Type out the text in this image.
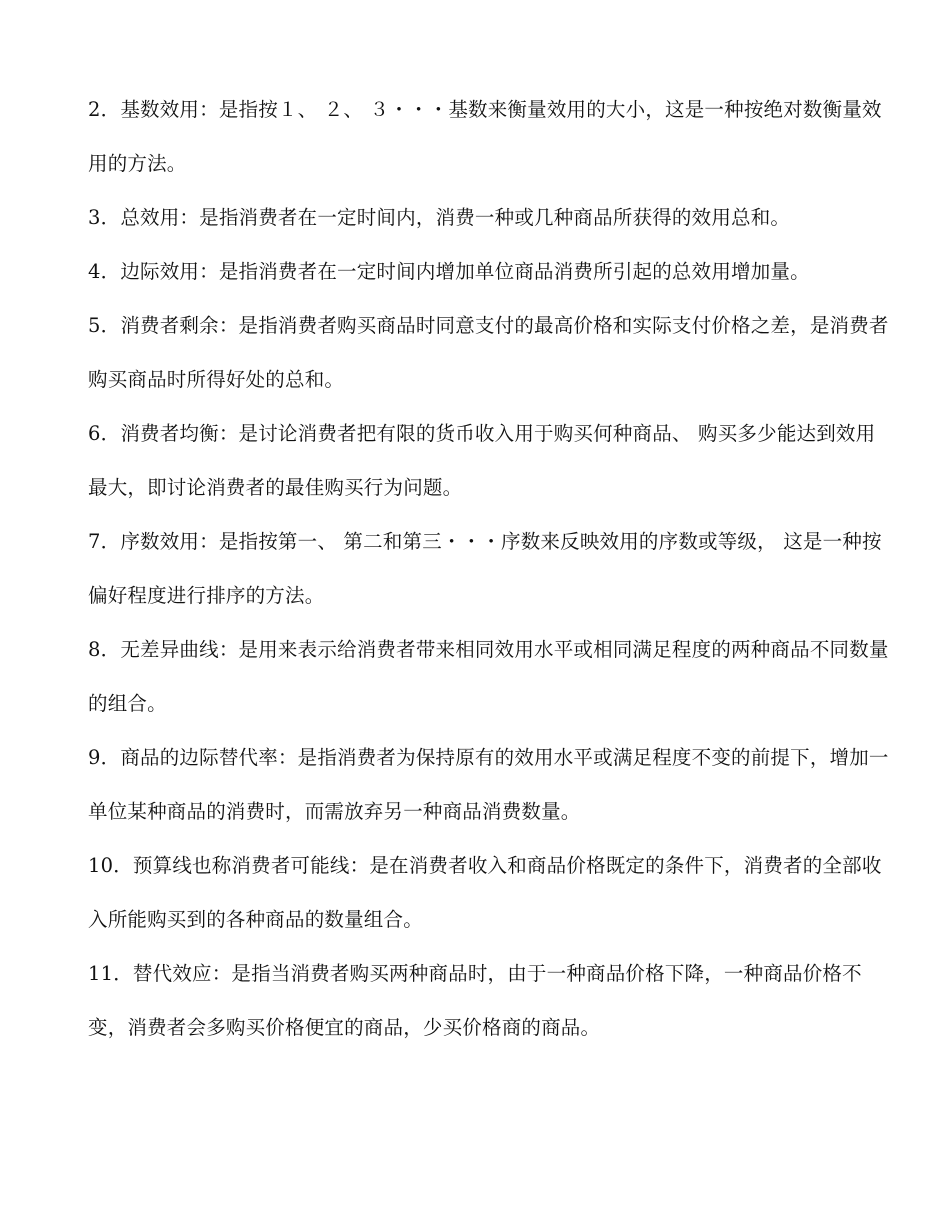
2．基数效用：是指按１、 ２、 ３・・・基数来衡量效用的大小，这是一种按绝对数衡量效用的方法。
3．总效用：是指消费者在一定时间内，消费一种或几种商品所获得的效用总和。
4．边际效用：是指消费者在一定时间内增加单位商品消费所引起的总效用增加量。
5．消费者剩余：是指消费者购买商品时同意支付的最高价格和实际支付价格之差，是消费者购买商品时所得好处的总和。
6．消费者均衡：是讨论消费者把有限的货币收入用于购买何种商品、 购买多少能达到效用最大，即讨论消费者的最佳购买行为问题。
7．序数效用：是指按第一、 第二和第三・・・序数来反映效用的序数或等级， 这是一种按偏好程度进行排序的方法。
8．无差异曲线：是用来表示给消费者带来相同效用水平或相同满足程度的两种商品不同数量的组合。
9．商品的边际替代率：是指消费者为保持原有的效用水平或满足程度不变的前提下，增加一单位某种商品的消费时，而需放弃另一种商品消费数量。
10．预算线也称消费者可能线：是在消费者收入和商品价格既定的条件下，消费者的全部收入所能购买到的各种商品的数量组合。
11．替代效应：是指当消费者购买两种商品时，由于一种商品价格下降，一种商品价格不变，消费者会多购买价格便宜的商品，少买价格商的商品。
